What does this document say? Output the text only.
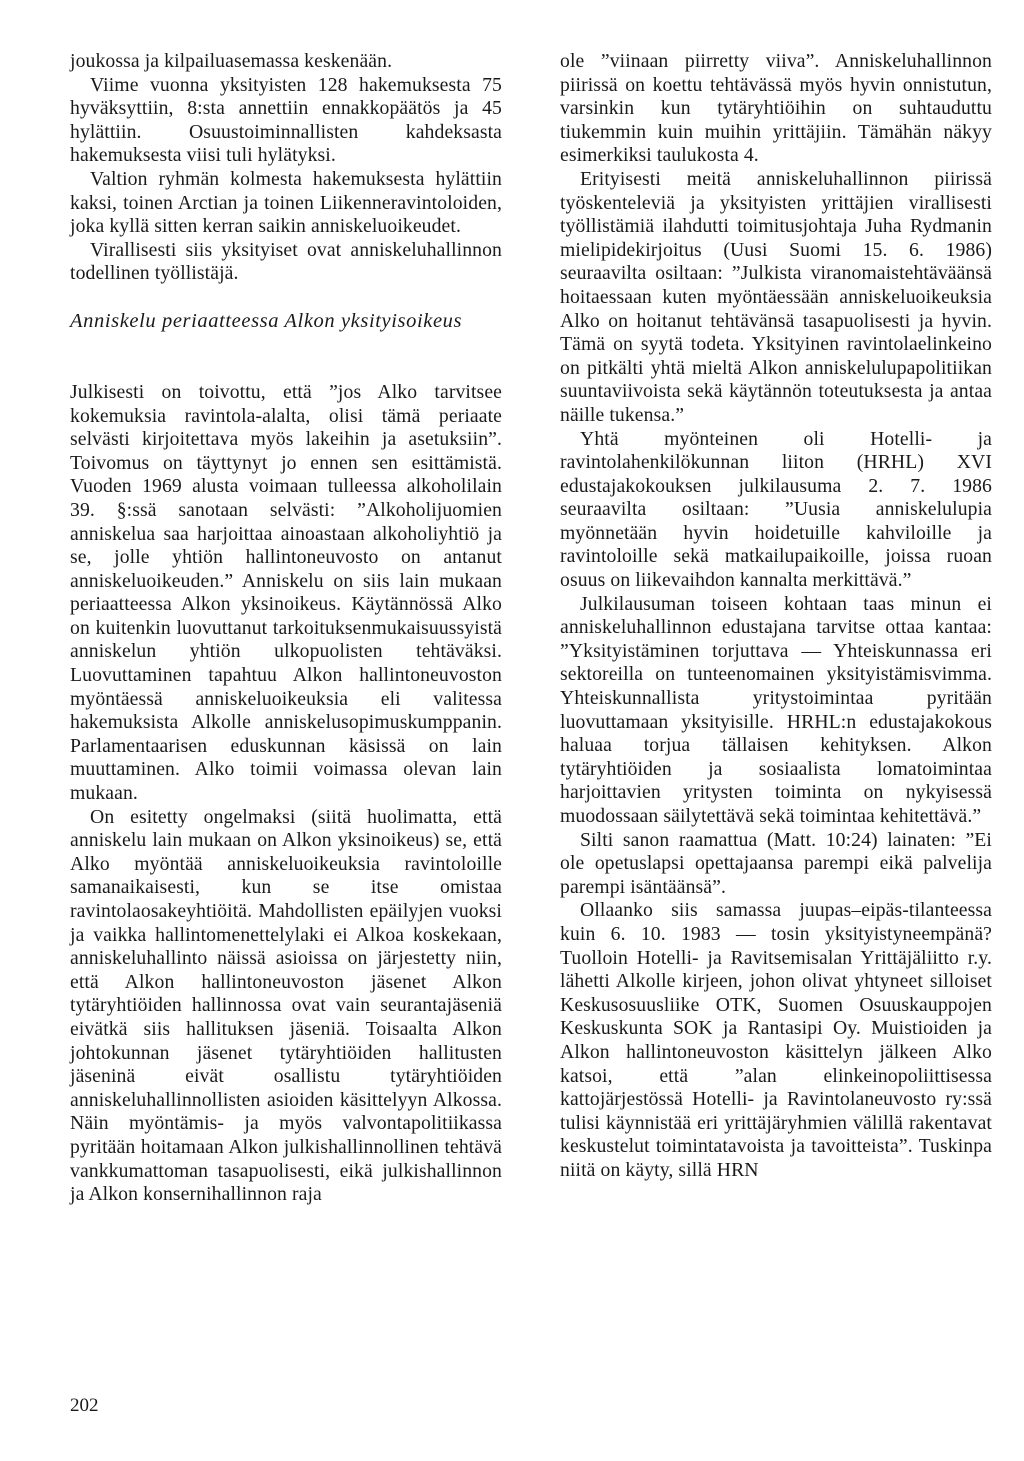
joukossa ja kilpailuasemassa keskenään.

Viime vuonna yksityisten 128 hakemuksesta 75 hyväksyttiin, 8:sta annettiin ennakkopäätös ja 45 hylättiin. Osuustoiminnallisten kahdeksasta hakemuksesta viisi tuli hylätyksi.

Valtion ryhmän kolmesta hakemuksesta hylättiin kaksi, toinen Arctian ja toinen Liikenneravintoloiden, joka kyllä sitten kerran saikin anniskeluoikeudet.

Virallisesti siis yksityiset ovat anniskeluhallinnon todellinen työllistäjä.

Anniskelu periaatteessa Alkon yksityisoikeus

Julkisesti on toivottu, että ”jos Alko tarvitsee kokemuksia ravintola-alalta, olisi tämä periaate selvästi kirjoitettava myös lakeihin ja asetuksiin”. Toivomus on täyttynyt jo ennen sen esittämistä. Vuoden 1969 alusta voimaan tulleessa alkoholilain 39. §:ssä sanotaan selvästi: ”Alkoholijuomien anniskelua saa harjoittaa ainoastaan alkoholiyhtiö ja se, jolle yhtiön hallintoneuvosto on antanut anniskeluoikeuden.” Anniskelu on siis lain mukaan periaatteessa Alkon yksinoikeus. Käytännössä Alko on kuitenkin luovuttanut tarkoituksenmukaisuussyistä anniskelun yhtiön ulkopuolisten tehtäväksi. Luovuttaminen tapahtuu Alkon hallintoneuvoston myöntäessä anniskeluoikeuksia eli valitessa hakemuksista Alkolle anniskelusopimuskumppanin. Parlamentaarisen eduskunnan käsissä on lain muuttaminen. Alko toimii voimassa olevan lain mukaan.

On esitetty ongelmaksi (siitä huolimatta, että anniskelu lain mukaan on Alkon yksinoikeus) se, että Alko myöntää anniskeluoikeuksia ravintoloille samanaikaisesti, kun se itse omistaa ravintolaosakeyhtiöitä. Mahdollisten epäilyjen vuoksi ja vaikka hallintomenettelylaki ei Alkoa koskekaan, anniskeluhallinto näissä asioissa on järjestetty niin, että Alkon hallintoneuvoston jäsenet Alkon tytäryhtiöiden hallinnossa ovat vain seurantajäseniä eivätkä siis hallituksen jäseniä. Toisaalta Alkon johtokunnan jäsenet tytäryhtiöiden hallitusten jäseninä eivät osallistu tytäryhtiöiden anniskeluhallinnollisten asioiden käsittelyyn Alkossa. Näin myöntämis- ja myös valvontapolitiikassa pyritään hoitamaan Alkon julkishallinnollinen tehtävä vankkumattoman tasapuolisesti, eikä julkishallinnon ja Alkon konsernihallinnon raja

ole ”viinaan piirretty viiva”. Anniskeluhallinnon piirissä on koettu tehtävässä myös hyvin onnistutun, varsinkin kun tytäryhtiöihin on suhtauduttu tiukemmin kuin muihin yrittäjiin. Tämähän näkyy esimerkiksi taulukosta 4.

Erityisesti meitä anniskeluhallinnon piirissä työskenteleviä ja yksityisten yrittäjien virallisesti työllistämiä ilahdutti toimitusjohtaja Juha Rydmanin mielipidekirjoitus (Uusi Suomi 15. 6. 1986) seuraavilta osiltaan: ”Julkista viranomaistehtäväänsä hoitaessaan kuten myöntäessään anniskeluoikeuksia Alko on hoitanut tehtävänsä tasapuolisesti ja hyvin. Tämä on syytä todeta. Yksityinen ravintolaelinkeino on pitkälti yhtä mieltä Alkon anniskelulupapolitiikan suuntaviivoista sekä käytännön toteutuksesta ja antaa näille tukensa.”

Yhtä myönteinen oli Hotelli- ja ravintolahenkilökunnan liiton (HRHL) XVI edustajakokouksen julkilausuma 2. 7. 1986 seuraavilta osiltaan: ”Uusia anniskelulupia myönnetään hyvin hoidetuille kahviloille ja ravintoloille sekä matkailupaikoille, joissa ruoan osuus on liikevaihdon kannalta merkittävä.”

Julkilausuman toiseen kohtaan taas minun ei anniskeluhallinnon edustajana tarvitse ottaa kantaa: ”Yksityistäminen torjuttava — Yhteiskunnassa eri sektoreilla on tunteenomainen yksityistämisvimma. Yhteiskunnallista yritystoimintaa pyritään luovuttamaan yksityisille. HRHL:n edustajakokous haluaa torjua tällaisen kehityksen. Alkon tytäryhtiöiden ja sosiaalista lomatoimintaa harjoittavien yritysten toiminta on nykyisessä muodossaan säilytettävä sekä toimintaa kehitettävä.”

Silti sanon raamattua (Matt. 10:24) lainaten: ”Ei ole opetuslapsi opettajaansa parempi eikä palvelija parempi isäntäänsä”.

Ollaanko siis samassa juupas–eipäs-tilanteessa kuin 6. 10. 1983 — tosin yksityistyneempänä? Tuolloin Hotelli- ja Ravitsemisalan Yrittäjäliitto r.y. lähetti Alkolle kirjeen, johon olivat yhtyneet silloiset Keskusosuusliike OTK, Suomen Osuuskauppojen Keskuskunta SOK ja Rantasipi Oy. Muistioiden ja Alkon hallintoneuvoston käsittelyn jälkeen Alko katsoi, että ”alan elinkeinopoliittisessa kattojärjestössä Hotelli- ja Ravintolaneuvosto ry:ssä tulisi käynnistää eri yrittäjäryhmien välillä rakentavat keskustelut toimintatavoista ja tavoitteista”. Tuskinpa niitä on käyty, sillä HRN

202
